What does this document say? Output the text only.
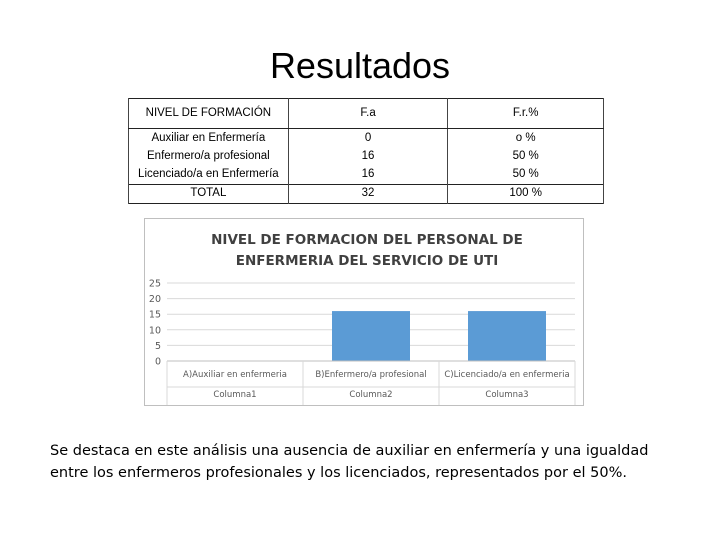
Resultados
NIVEL DE FORMACIÓN	F.a	F.r.%
Auxiliar en Enfermería	0	o %
Enfermero/a profesional	16	50 %
Licenciado/a en Enfermería	16	50 %
TOTAL	32	100 %
NIVEL DE FORMACION DEL PERSONAL DE
ENFERMERIA DEL SERVICIO DE UTI
0
5
10
15
20
25
A)Auxiliar en enfermeria
Columna1
B)Enfermero/a profesional
Columna2
C)Licenciado/a en enfermeria
Columna3
Se destaca en este análisis una ausencia de auxiliar en enfermería y una igualdad entre los enfermeros profesionales y los licenciados, representados por el 50%.
